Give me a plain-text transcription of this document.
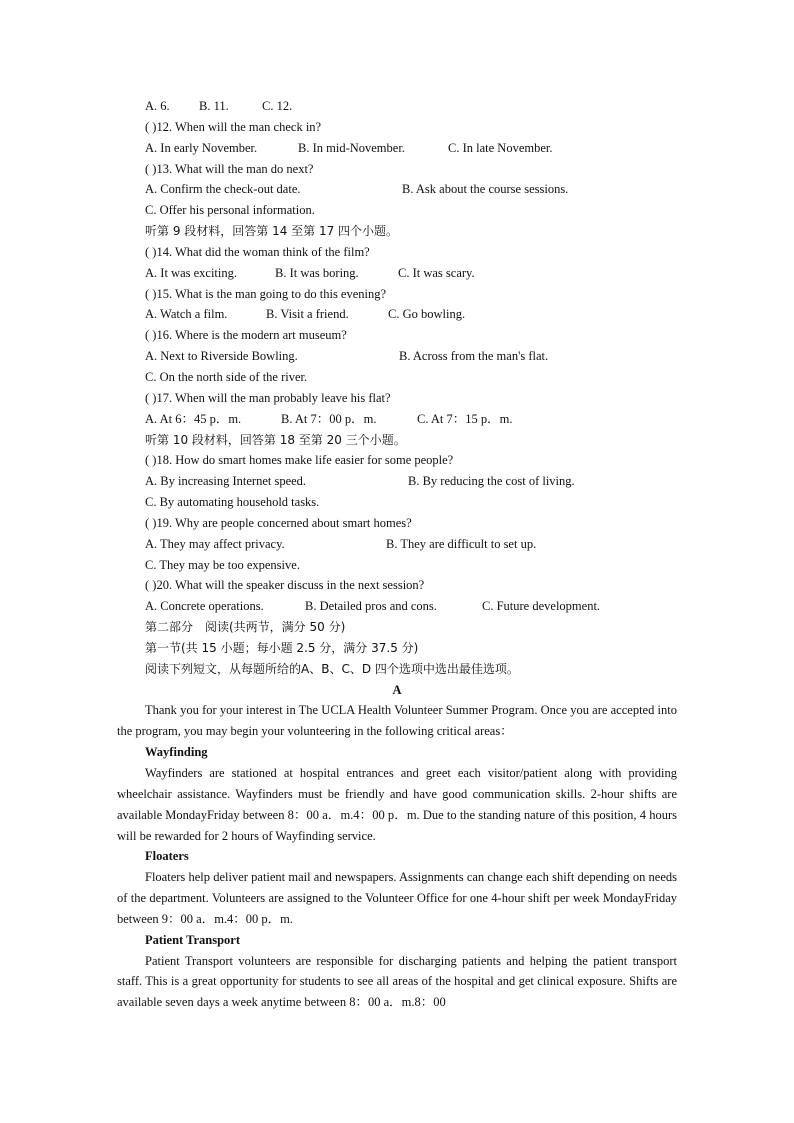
A. 6. B. 11.	C. 12.
( )12. When will the man check in?
A. In early November.	B. In mid-November.	C. In late November.
( )13. What will the man do next?
A. Confirm the check-out date.	B. Ask about the course sessions.
C. Offer his personal information.
听第 9 段材料，回答第 14 至第 17 四个小题。
( )14. What did the woman think of the film?
A. It was exciting.	B. It was boring.	C. It was scary.
( )15. What is the man going to do this evening?
A. Watch a film.	B. Visit a friend.	C. Go bowling.
( )16. Where is the modern art museum?
A. Next to Riverside Bowling.	B. Across from the man's flat.
C. On the north side of the river.
( )17. When will the man probably leave his flat?
A. At 6：45 p．m.	B. At 7：00 p．m.	C. At 7：15 p．m.
听第 10 段材料，回答第 18 至第 20 三个小题。
( )18. How do smart homes make life easier for some people?
A. By increasing Internet speed.	B. By reducing the cost of living.
C. By automating household tasks.
( )19. Why are people concerned about smart homes?
A. They may affect privacy.	B. They are difficult to set up.
C. They may be too expensive.
( )20. What will the speaker discuss in the next session?
A. Concrete operations.	B. Detailed pros and cons.	C. Future development.
第二部分　阅读(共两节，满分 50 分)
第一节(共 15 小题；每小题 2.5 分，满分 37.5 分)
阅读下列短文，从每题所给的A、B、C、D 四个选项中选出最佳选项。
A

Thank you for your interest in The UCLA Health Volunteer Summer Program. Once you are accepted into the program, you may begin your volunteering in the following critical areas：

Wayfinding

Wayfinders are stationed at hospital entrances and greet each visitor/patient along with providing wheelchair assistance. Wayfinders must be friendly and have good communication skills. 2-hour shifts are available MondayFriday between 8：00 a．m.4：00 p．m. Due to the standing nature of this position, 4 hours will be rewarded for 2 hours of Wayfinding service.

Floaters

Floaters help deliver patient mail and newspapers. Assignments can change each shift depending on needs of the department. Volunteers are assigned to the Volunteer Office for one 4-hour shift per week MondayFriday between 9：00 a．m.4：00 p．m.

Patient Transport

Patient Transport volunteers are responsible for discharging patients and helping the patient transport staff. This is a great opportunity for students to see all areas of the hospital and get clinical exposure. Shifts are available seven days a week anytime between 8：00 a．m.8：00
